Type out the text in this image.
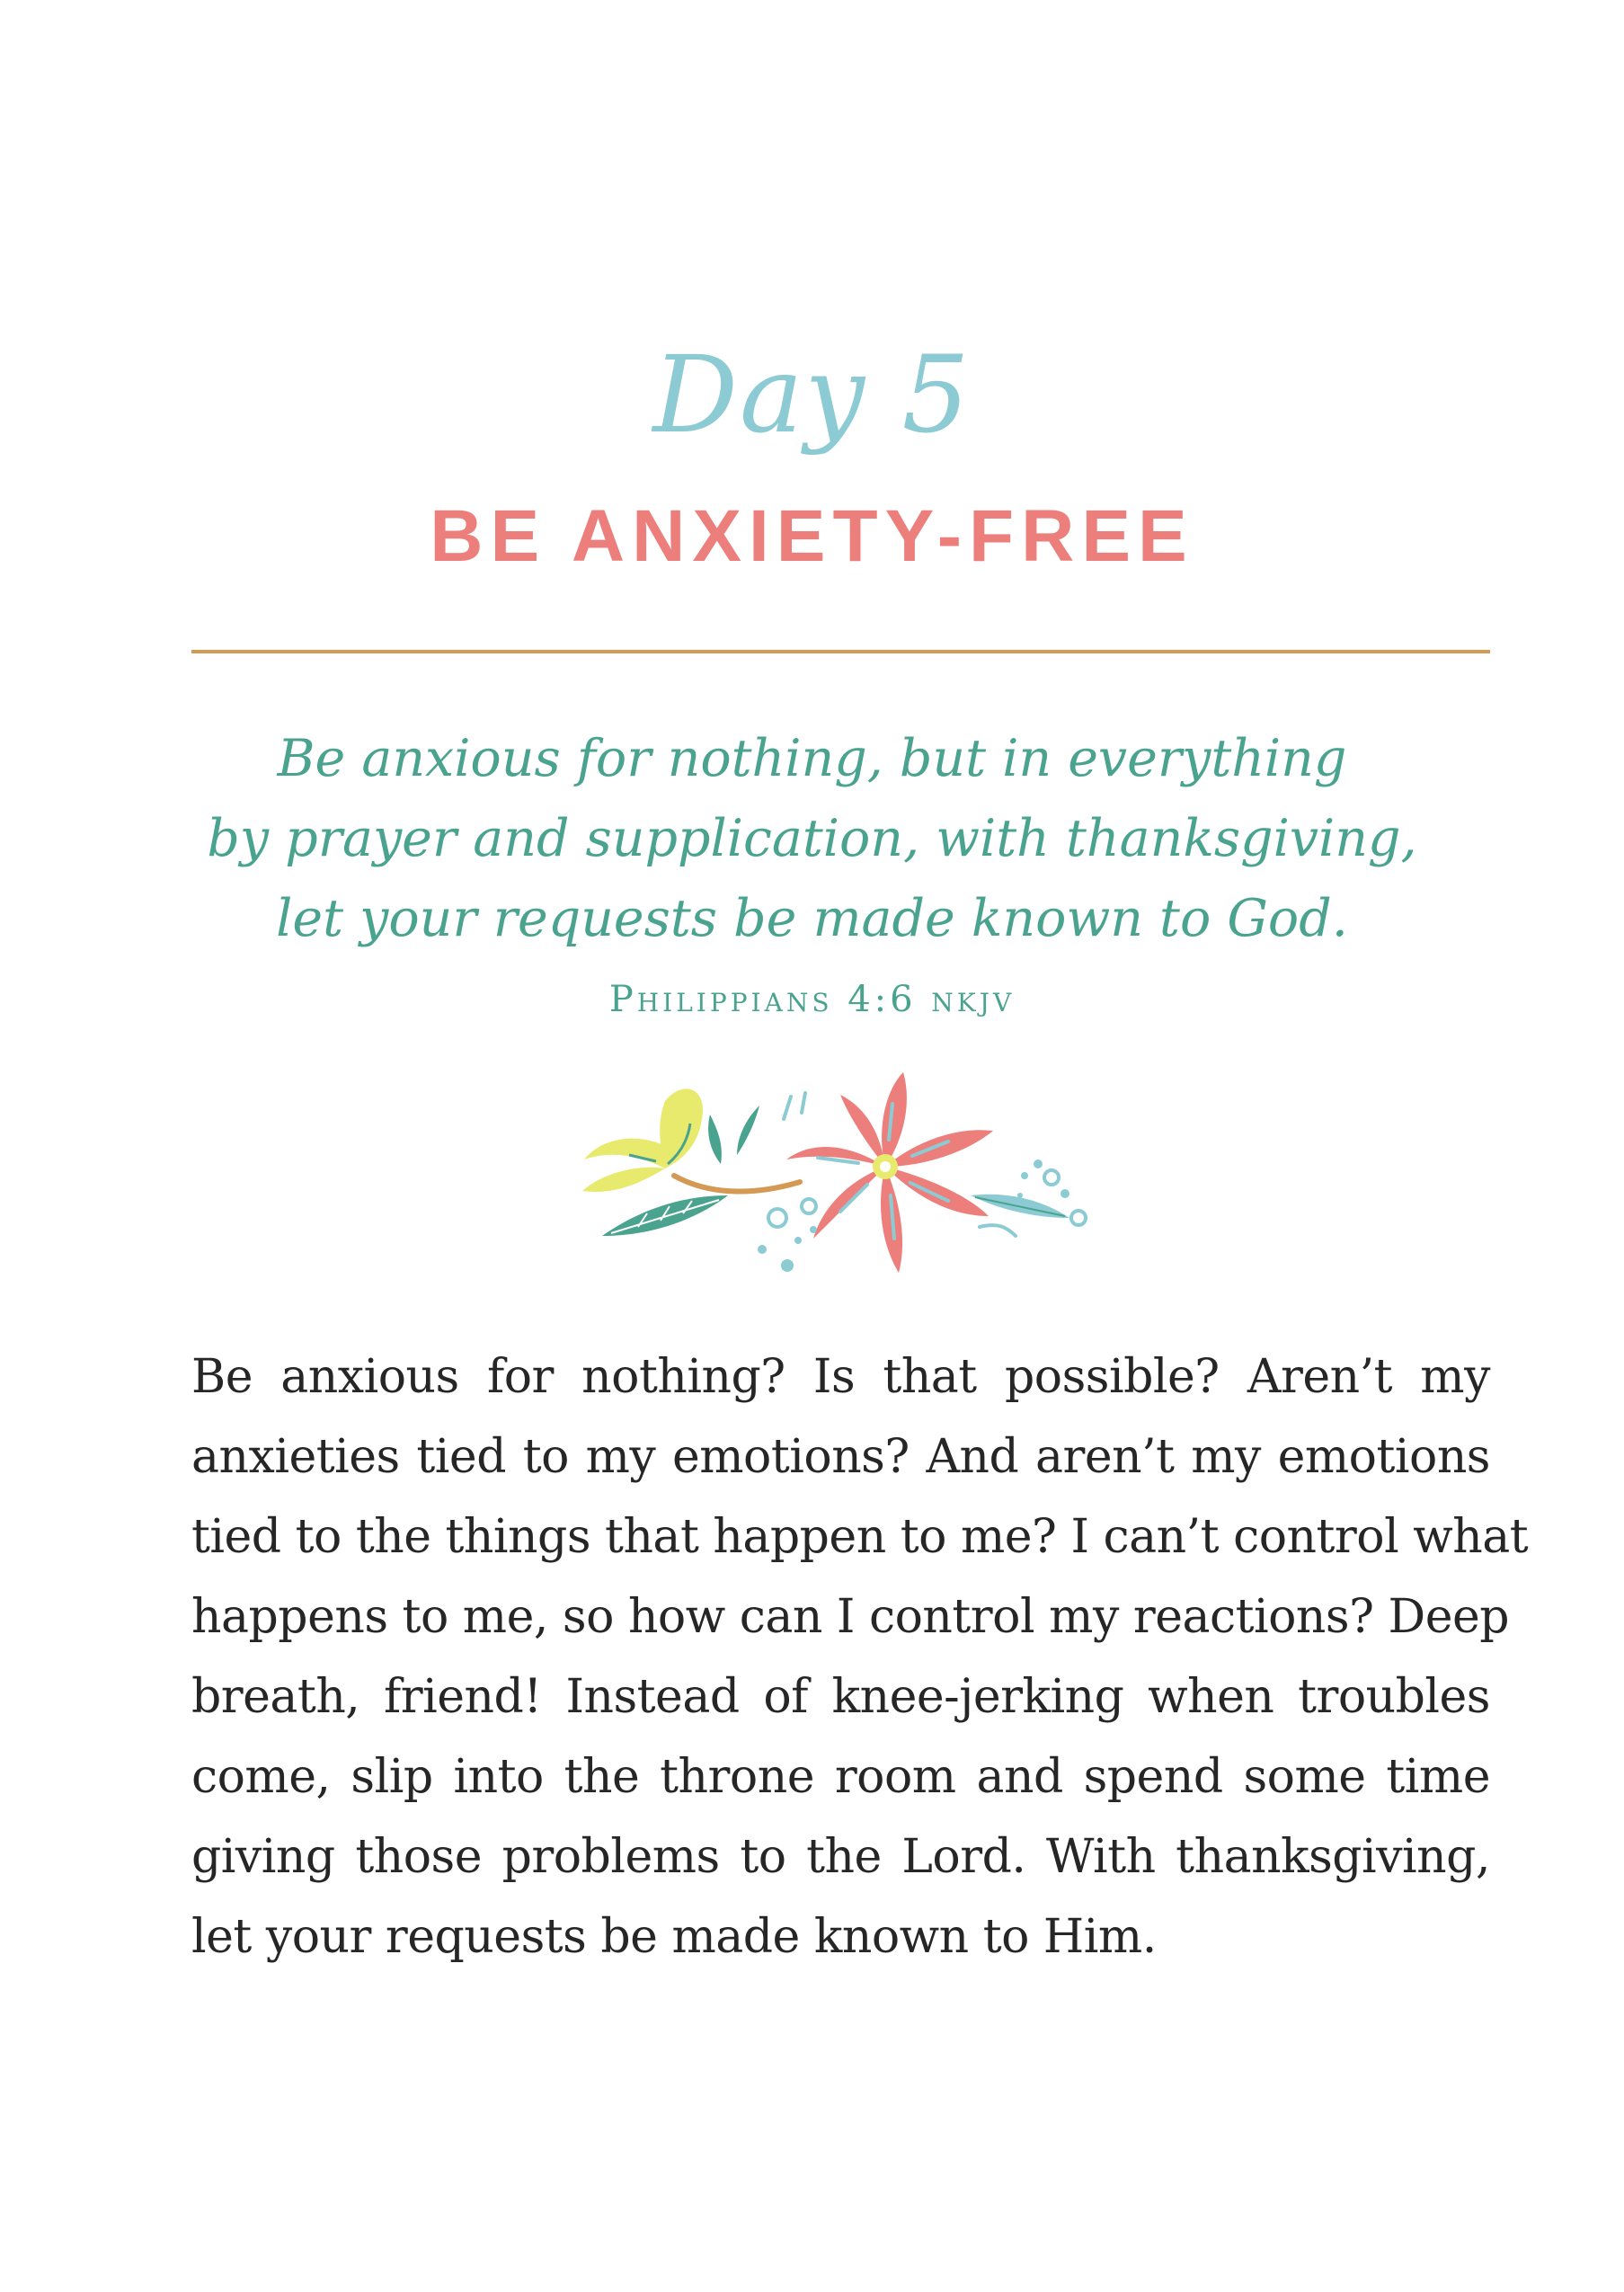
Day 5
BE ANXIETY-FREE
Be anxious for nothing, but in everything
by prayer and supplication, with thanksgiving,
let your requests be made known to God.
Philippians 4:6 nkjv
Be anxious for nothing? Is that possible? Aren’t my
anxieties tied to my emotions? And aren’t my emotions
tied to the things that happen to me? I can’t control what
happens to me, so how can I control my reactions? Deep
breath, friend! Instead of knee-jerking when troubles
come, slip into the throne room and spend some time
giving those problems to the Lord. With thanksgiving,
let your requests be made known to Him.
